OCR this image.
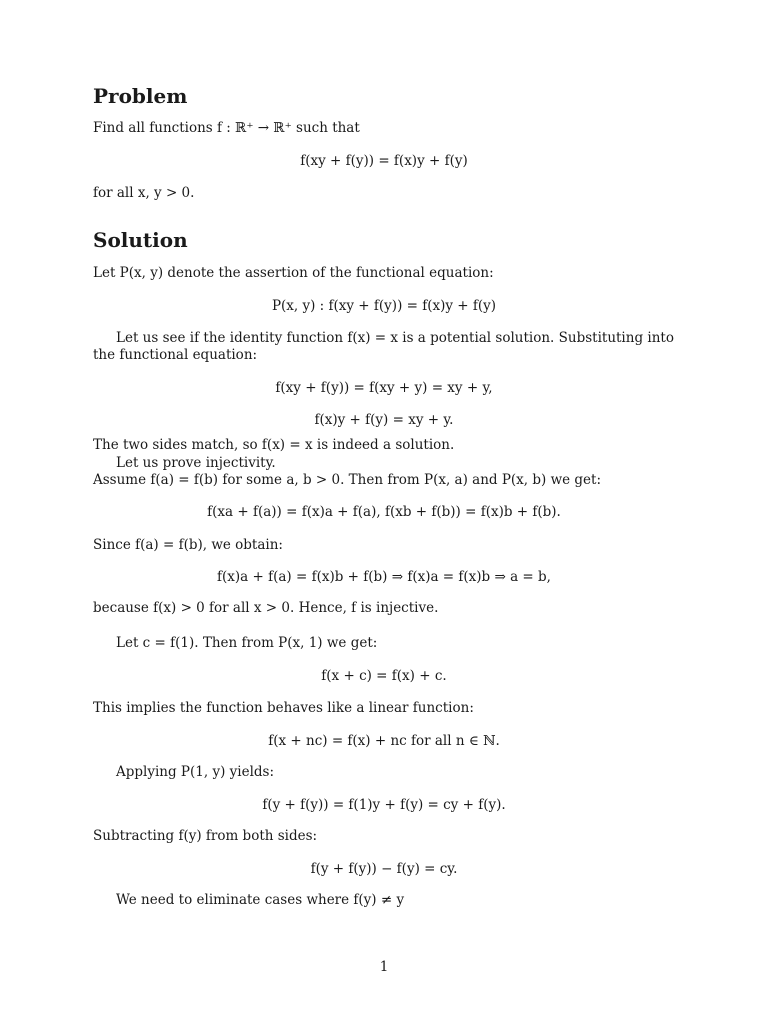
Problem
Find all functions f : ℝ⁺ → ℝ⁺ such that
f(xy + f(y)) = f(x)y + f(y)
for all x, y > 0.
Solution
Let P(x, y) denote the assertion of the functional equation:
P(x, y) : f(xy + f(y)) = f(x)y + f(y)
Let us see if the identity function f(x) = x is a potential solution. Substituting into
the functional equation:
f(xy + f(y)) = f(xy + y) = xy + y,
f(x)y + f(y) = xy + y.
The two sides match, so f(x) = x is indeed a solution.
Let us prove injectivity.
Assume f(a) = f(b) for some a, b > 0. Then from P(x, a) and P(x, b) we get:
f(xa + f(a)) = f(x)a + f(a), f(xb + f(b)) = f(x)b + f(b).
Since f(a) = f(b), we obtain:
f(x)a + f(a) = f(x)b + f(b) ⇒ f(x)a = f(x)b ⇒ a = b,
because f(x) > 0 for all x > 0. Hence, f is injective.
Let c = f(1). Then from P(x, 1) we get:
f(x + c) = f(x) + c.
This implies the function behaves like a linear function:
f(x + nc) = f(x) + nc for all n ∈ ℕ.
Applying P(1, y) yields:
f(y + f(y)) = f(1)y + f(y) = cy + f(y).
Subtracting f(y) from both sides:
f(y + f(y)) − f(y) = cy.
We need to eliminate cases where f(y) ≠ y
1
